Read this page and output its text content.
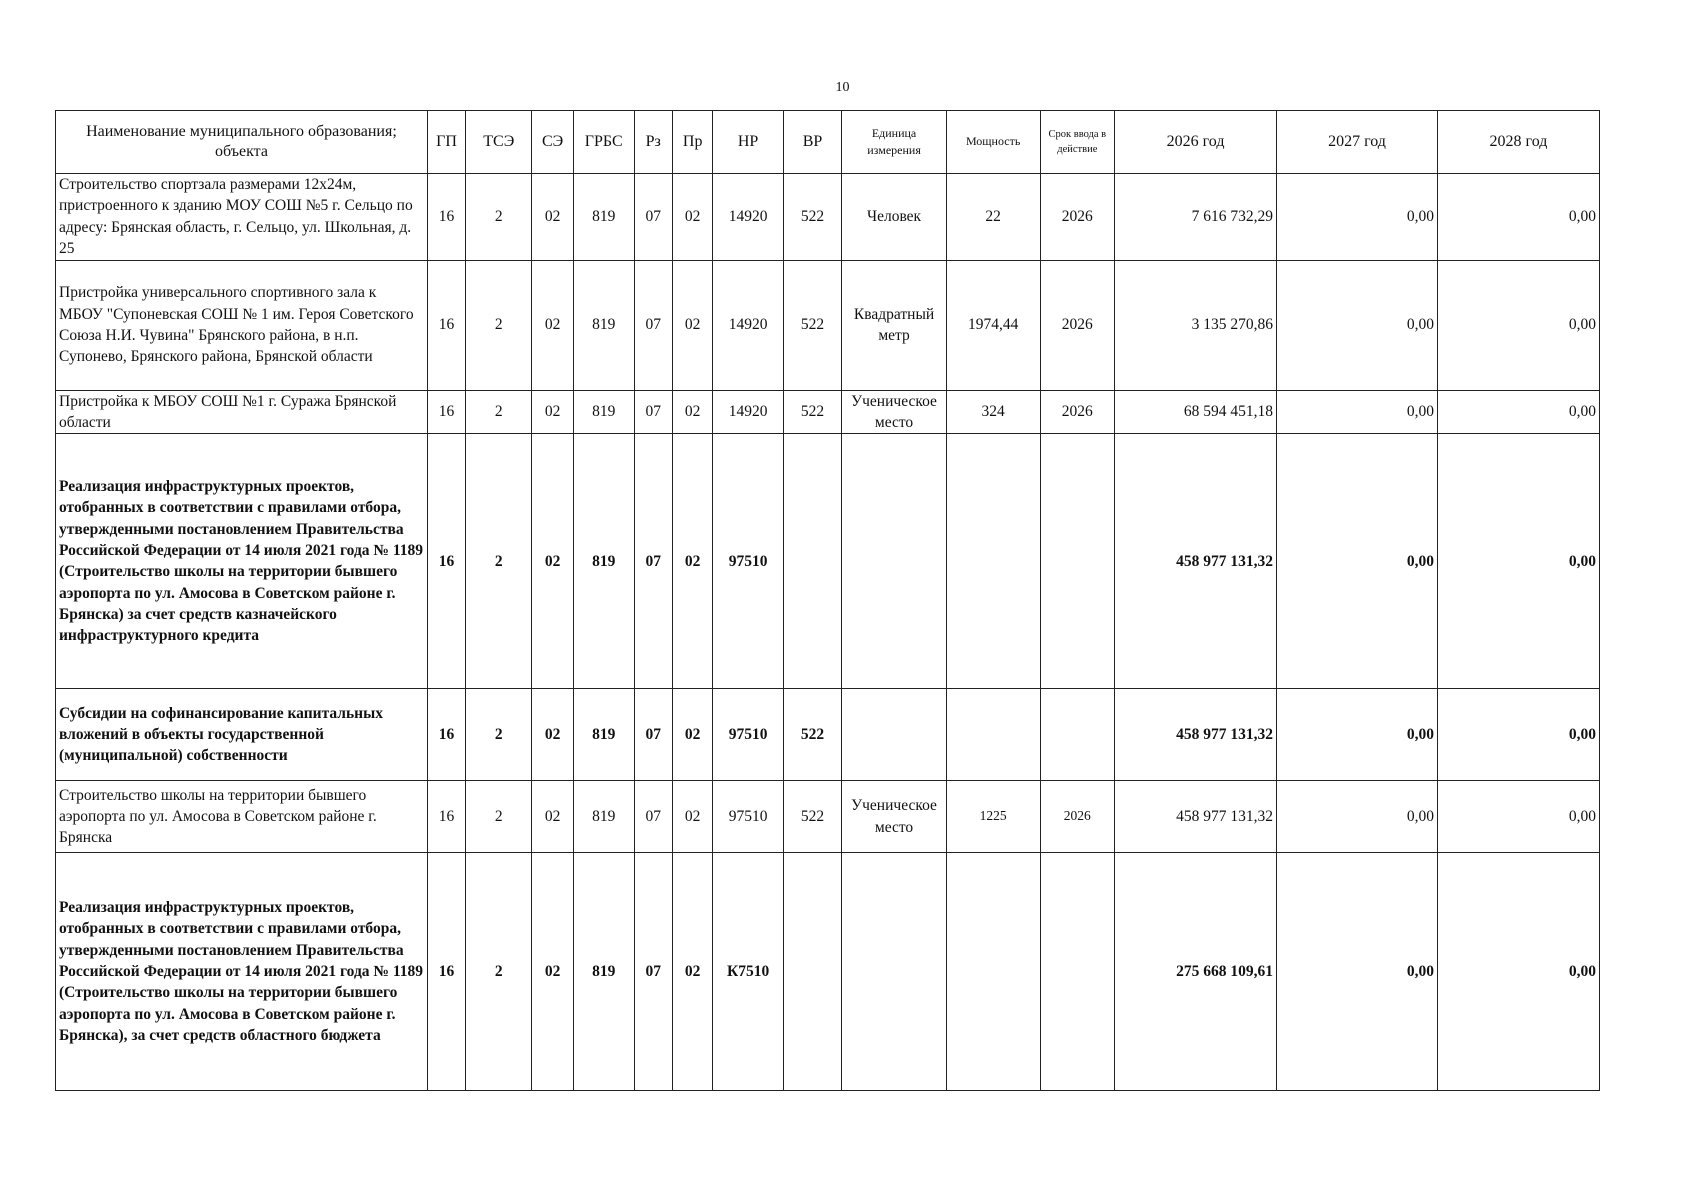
10
Наименование муниципального образования; объекта	ГП	ТСЭ	СЭ	ГРБС	Рз	Пр	НР	ВР	Единица измерения	Мощность	Срок ввода в действие	2026 год	2027 год	2028 год
Строительство спортзала размерами 12х24м, пристроенного к зданию МОУ СОШ №5 г. Сельцо по адресу: Брянская область, г. Сельцо, ул. Школьная, д. 25	16	2	02	819	07	02	14920	522	Человек	22	2026	7 616 732,29	0,00	0,00
Пристройка универсального спортивного зала к МБОУ "Супоневская СОШ № 1 им. Героя Советского Союза Н.И. Чувина" Брянского района, в н.п. Супонево, Брянского района, Брянской области	16	2	02	819	07	02	14920	522	Квадратный метр	1974,44	2026	3 135 270,86	0,00	0,00
Пристройка к МБОУ СОШ №1 г. Суража Брянской области	16	2	02	819	07	02	14920	522	Ученическое место	324	2026	68 594 451,18	0,00	0,00
Реализация инфраструктурных проектов, отобранных в соответствии с правилами отбора, утвержденными постановлением Правительства Российской Федерации от 14 июля 2021 года № 1189 (Строительство школы на территории бывшего аэропорта по ул. Амосова в Советском районе г. Брянска) за счет средств казначейского инфраструктурного кредита	16	2	02	819	07	02	97510					458 977 131,32	0,00	0,00
Субсидии на софинансирование капитальных вложений в объекты государственной (муниципальной) собственности	16	2	02	819	07	02	97510	522				458 977 131,32	0,00	0,00
Строительство школы на территории бывшего аэропорта по ул. Амосова в Советском районе г. Брянска	16	2	02	819	07	02	97510	522	Ученическое место	1225	2026	458 977 131,32	0,00	0,00
Реализация инфраструктурных проектов, отобранных в соответствии с правилами отбора, утвержденными постановлением Правительства Российской Федерации от 14 июля 2021 года № 1189 (Строительство школы на территории бывшего аэропорта по ул. Амосова в Советском районе г. Брянска), за счет средств областного бюджета	16	2	02	819	07	02	К7510					275 668 109,61	0,00	0,00
